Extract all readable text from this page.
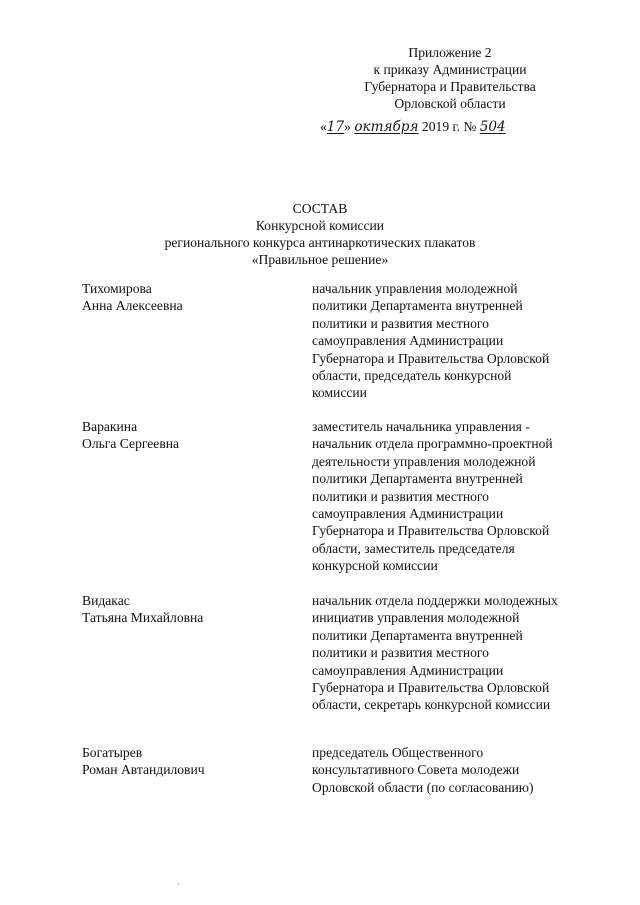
Приложение 2
к приказу Администрации
Губернатора и Правительства
Орловской области
«17» октября 2019 г. № 504
СОСТАВ
Конкурсной комиссии
регионального конкурса антинаркотических плакатов
«Правильное решение»
Тихомирова
Анна Алексеевна
начальник управления молодежной
политики Департамента внутренней
политики и развития местного
самоуправления Администрации
Губернатора и Правительства Орловской
области, председатель конкурсной
комиссии
Варакина
Ольга Сергеевна
заместитель начальника управления -
начальник отдела программно-проектной
деятельности управления молодежной
политики Департамента внутренней
политики и развития местного
самоуправления Администрации
Губернатора и Правительства Орловской
области, заместитель председателя
конкурсной комиссии
Видакас
Татьяна Михайловна
начальник отдела поддержки молодежных
инициатив управления молодежной
политики Департамента внутренней
политики и развития местного
самоуправления Администрации
Губернатора и Правительства Орловской
области, секретарь конкурсной комиссии
Богатырев
Роман Автандилович
председатель Общественного
консультативного Совета молодежи
Орловской области (по согласованию)
·
